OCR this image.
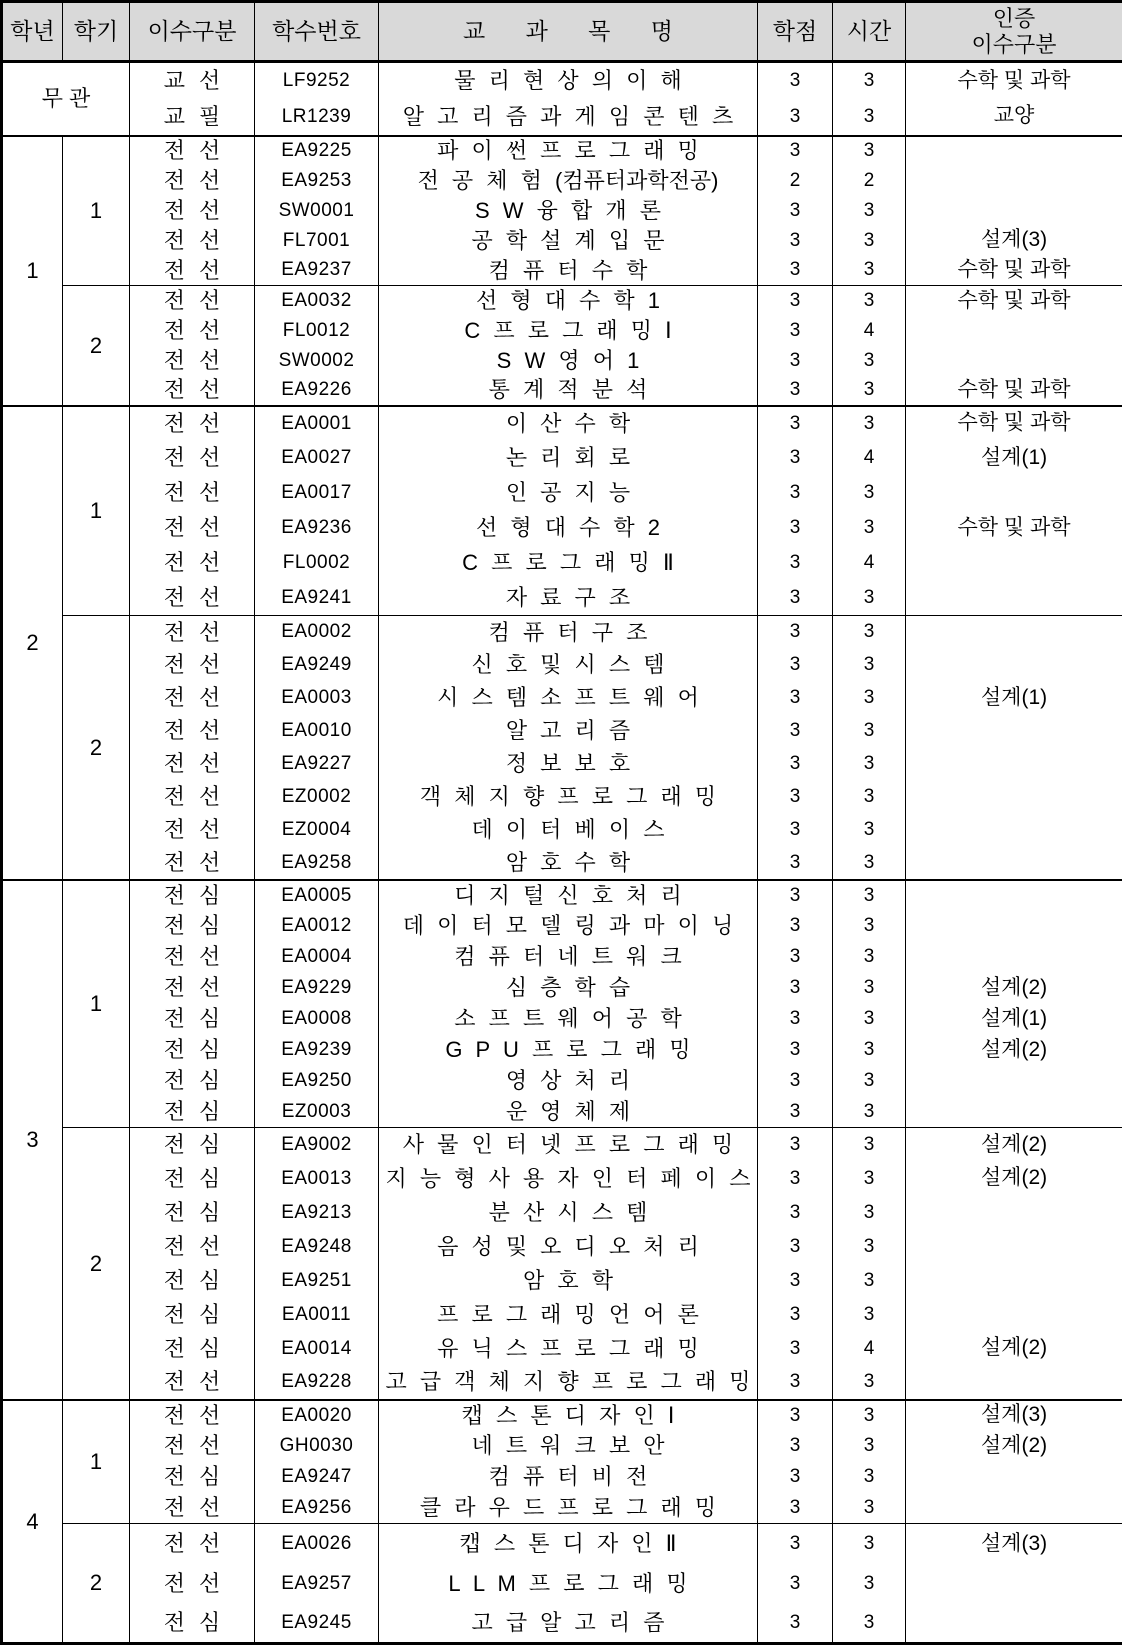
학년	학기	이수구분	학수번호	교 과 목 명	학점	시간	인증
이수구분

무 관		교 선	LF9252	물 리 현 상 의 이 해	3	3	수학 및 과학
		교 필	LR1239	알 고 리 즘 과 게 임 콘 텐 츠	3	3	교양
1	1	전 선	EA9225	파 이 썬 프 로 그 래 밍	3	3	
		전 선	EA9253	전 공 체 험 (컴퓨터과학전공)	2	2	
		전 선	SW0001	S W 융 합 개 론	3	3	
		전 선	FL7001	공 학 설 계 입 문	3	3	설계(3)
		전 선	EA9237	컴 퓨 터 수 학	3	3	수학 및 과학
	2	전 선	EA0032	선 형 대 수 학 1	3	3	수학 및 과학
		전 선	FL0012	C 프 로 그 래 밍 Ⅰ	3	4	
		전 선	SW0002	S W 영 어 1	3	3	
		전 선	EA9226	통 계 적 분 석	3	3	수학 및 과학
2	1	전 선	EA0001	이 산 수 학	3	3	수학 및 과학
		전 선	EA0027	논 리 회 로	3	4	설계(1)
		전 선	EA0017	인 공 지 능	3	3	
		전 선	EA9236	선 형 대 수 학 2	3	3	수학 및 과학
		전 선	FL0002	C 프 로 그 래 밍 Ⅱ	3	4	
		전 선	EA9241	자 료 구 조	3	3	
	2	전 선	EA0002	컴 퓨 터 구 조	3	3	
		전 선	EA9249	신 호 및 시 스 템	3	3	
		전 선	EA0003	시 스 템 소 프 트 웨 어	3	3	설계(1)
		전 선	EA0010	알 고 리 즘	3	3	
		전 선	EA9227	정 보 보 호	3	3	
		전 선	EZ0002	객 체 지 향 프 로 그 래 밍	3	3	
		전 선	EZ0004	데 이 터 베 이 스	3	3	
		전 선	EA9258	암 호 수 학	3	3	
3	1	전 심	EA0005	디 지 털 신 호 처 리	3	3	
		전 심	EA0012	데 이 터 모 델 링 과 마 이 닝	3	3	
		전 선	EA0004	컴 퓨 터 네 트 워 크	3	3	
		전 선	EA9229	심 층 학 습	3	3	설계(2)
		전 심	EA0008	소 프 트 웨 어 공 학	3	3	설계(1)
		전 심	EA9239	G P U 프 로 그 래 밍	3	3	설계(2)
		전 심	EA9250	영 상 처 리	3	3	
		전 심	EZ0003	운 영 체 제	3	3	
	2	전 심	EA9002	사 물 인 터 넷 프 로 그 래 밍	3	3	설계(2)
		전 심	EA0013	지 능 형 사 용 자 인 터 페 이 스	3	3	설계(2)
		전 심	EA9213	분 산 시 스 템	3	3	
		전 선	EA9248	음 성 및 오 디 오 처 리	3	3	
		전 심	EA9251	암 호 학	3	3	
		전 심	EA0011	프 로 그 래 밍 언 어 론	3	3	
		전 심	EA0014	유 닉 스 프 로 그 래 밍	3	4	설계(2)
		전 선	EA9228	고 급 객 체 지 향 프 로 그 래 밍	3	3	
4	1	전 선	EA0020	캡 스 톤 디 자 인 Ⅰ	3	3	설계(3)
		전 선	GH0030	네 트 워 크 보 안	3	3	설계(2)
		전 심	EA9247	컴 퓨 터 비 전	3	3	
		전 선	EA9256	클 라 우 드 프 로 그 래 밍	3	3	
	2	전 선	EA0026	캡 스 톤 디 자 인 Ⅱ	3	3	설계(3)
		전 선	EA9257	L L M 프 로 그 래 밍	3	3	
		전 심	EA9245	고 급 알 고 리 즘	3	3	
